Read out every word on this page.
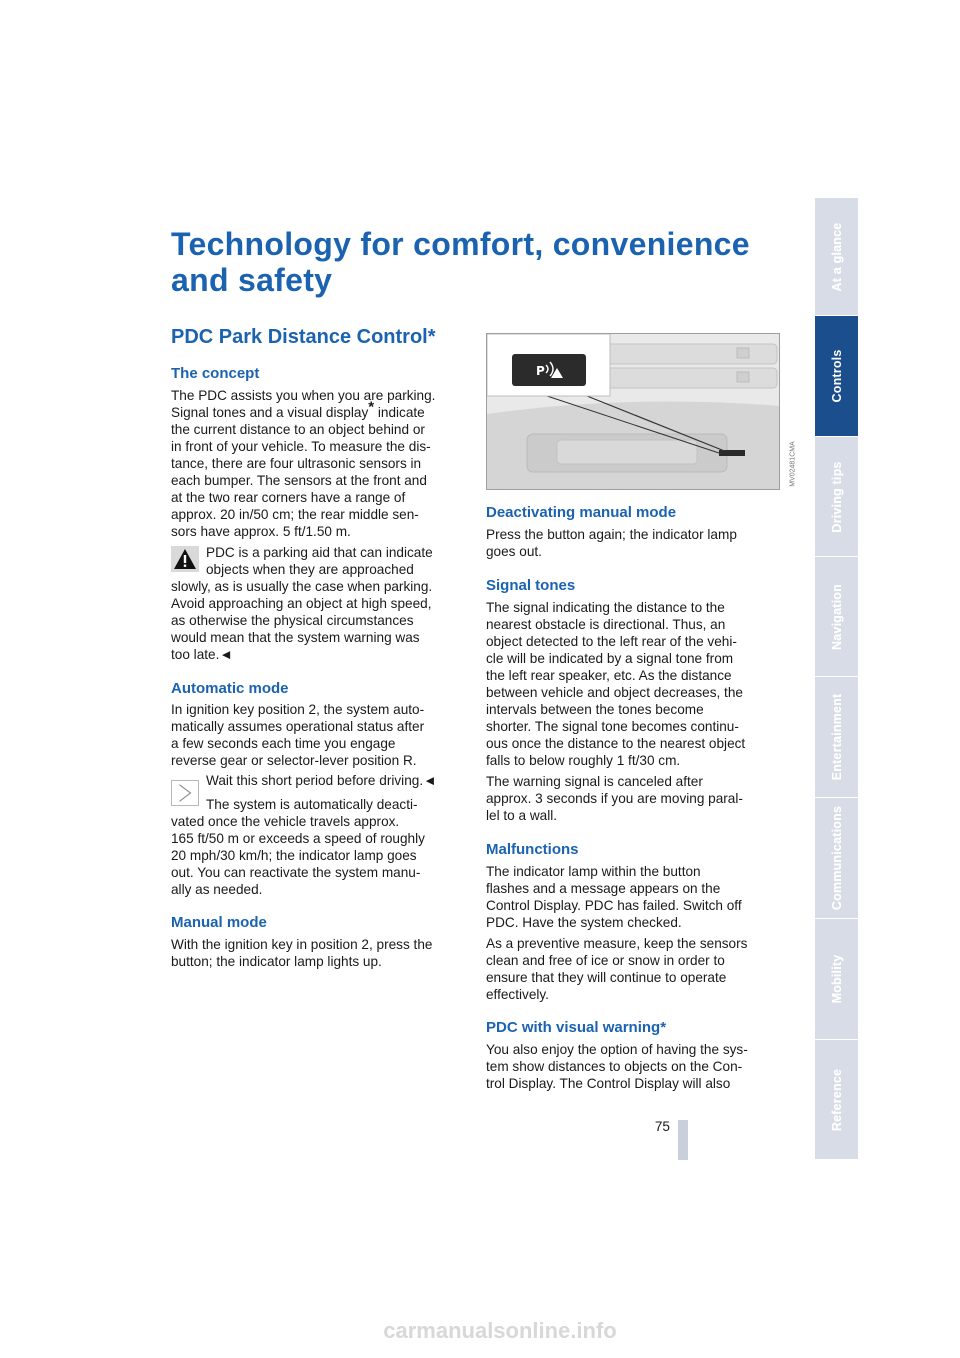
Technology for comfort, convenience
and safety
PDC Park Distance Control*
The concept
The PDC assists you when you are parking.
Signal tones and a visual display* indicate
the current distance to an object behind or
in front of your vehicle. To measure the dis-
tance, there are four ultrasonic sensors in
each bumper. The sensors at the front and
at the two rear corners have a range of
approx. 20 in/50 cm; the rear middle sen-
sors have approx. 5 ft/1.50 m.
PDC is a parking aid that can indicate
objects when they are approached
slowly, as is usually the case when parking.
Avoid approaching an object at high speed,
as otherwise the physical circumstances
would mean that the system warning was
too late.◄
Automatic mode
In ignition key position 2, the system auto-
matically assumes operational status after
a few seconds each time you engage
reverse gear or selector-lever position R.
Wait this short period before driving.◄
The system is automatically deacti-
vated once the vehicle travels approx.
165 ft/50 m or exceeds a speed of roughly
20 mph/30 km/h; the indicator lamp goes
out. You can reactivate the system manu-
ally as needed.
Manual mode
With the ignition key in position 2, press the
button; the indicator lamp lights up.
P
MV02481CMA
Deactivating manual mode
Press the button again; the indicator lamp
goes out.
Signal tones
The signal indicating the distance to the
nearest obstacle is directional. Thus, an
object detected to the left rear of the vehi-
cle will be indicated by a signal tone from
the left rear speaker, etc. As the distance
between vehicle and object decreases, the
intervals between the tones become
shorter. The signal tone becomes continu-
ous once the distance to the nearest object
falls to below roughly 1 ft/30 cm.
The warning signal is canceled after
approx. 3 seconds if you are moving paral-
lel to a wall.
Malfunctions
The indicator lamp within the button
flashes and a message appears on the
Control Display. PDC has failed. Switch off
PDC. Have the system checked.
As a preventive measure, keep the sensors
clean and free of ice or snow in order to
ensure that they will continue to operate
effectively.
PDC with visual warning*
You also enjoy the option of having the sys-
tem show distances to objects on the Con-
trol Display. The Control Display will also
75
At a glance
Controls
Driving tips
Navigation
Entertainment
Communications
Mobility
Reference
carmanualsonline.info
